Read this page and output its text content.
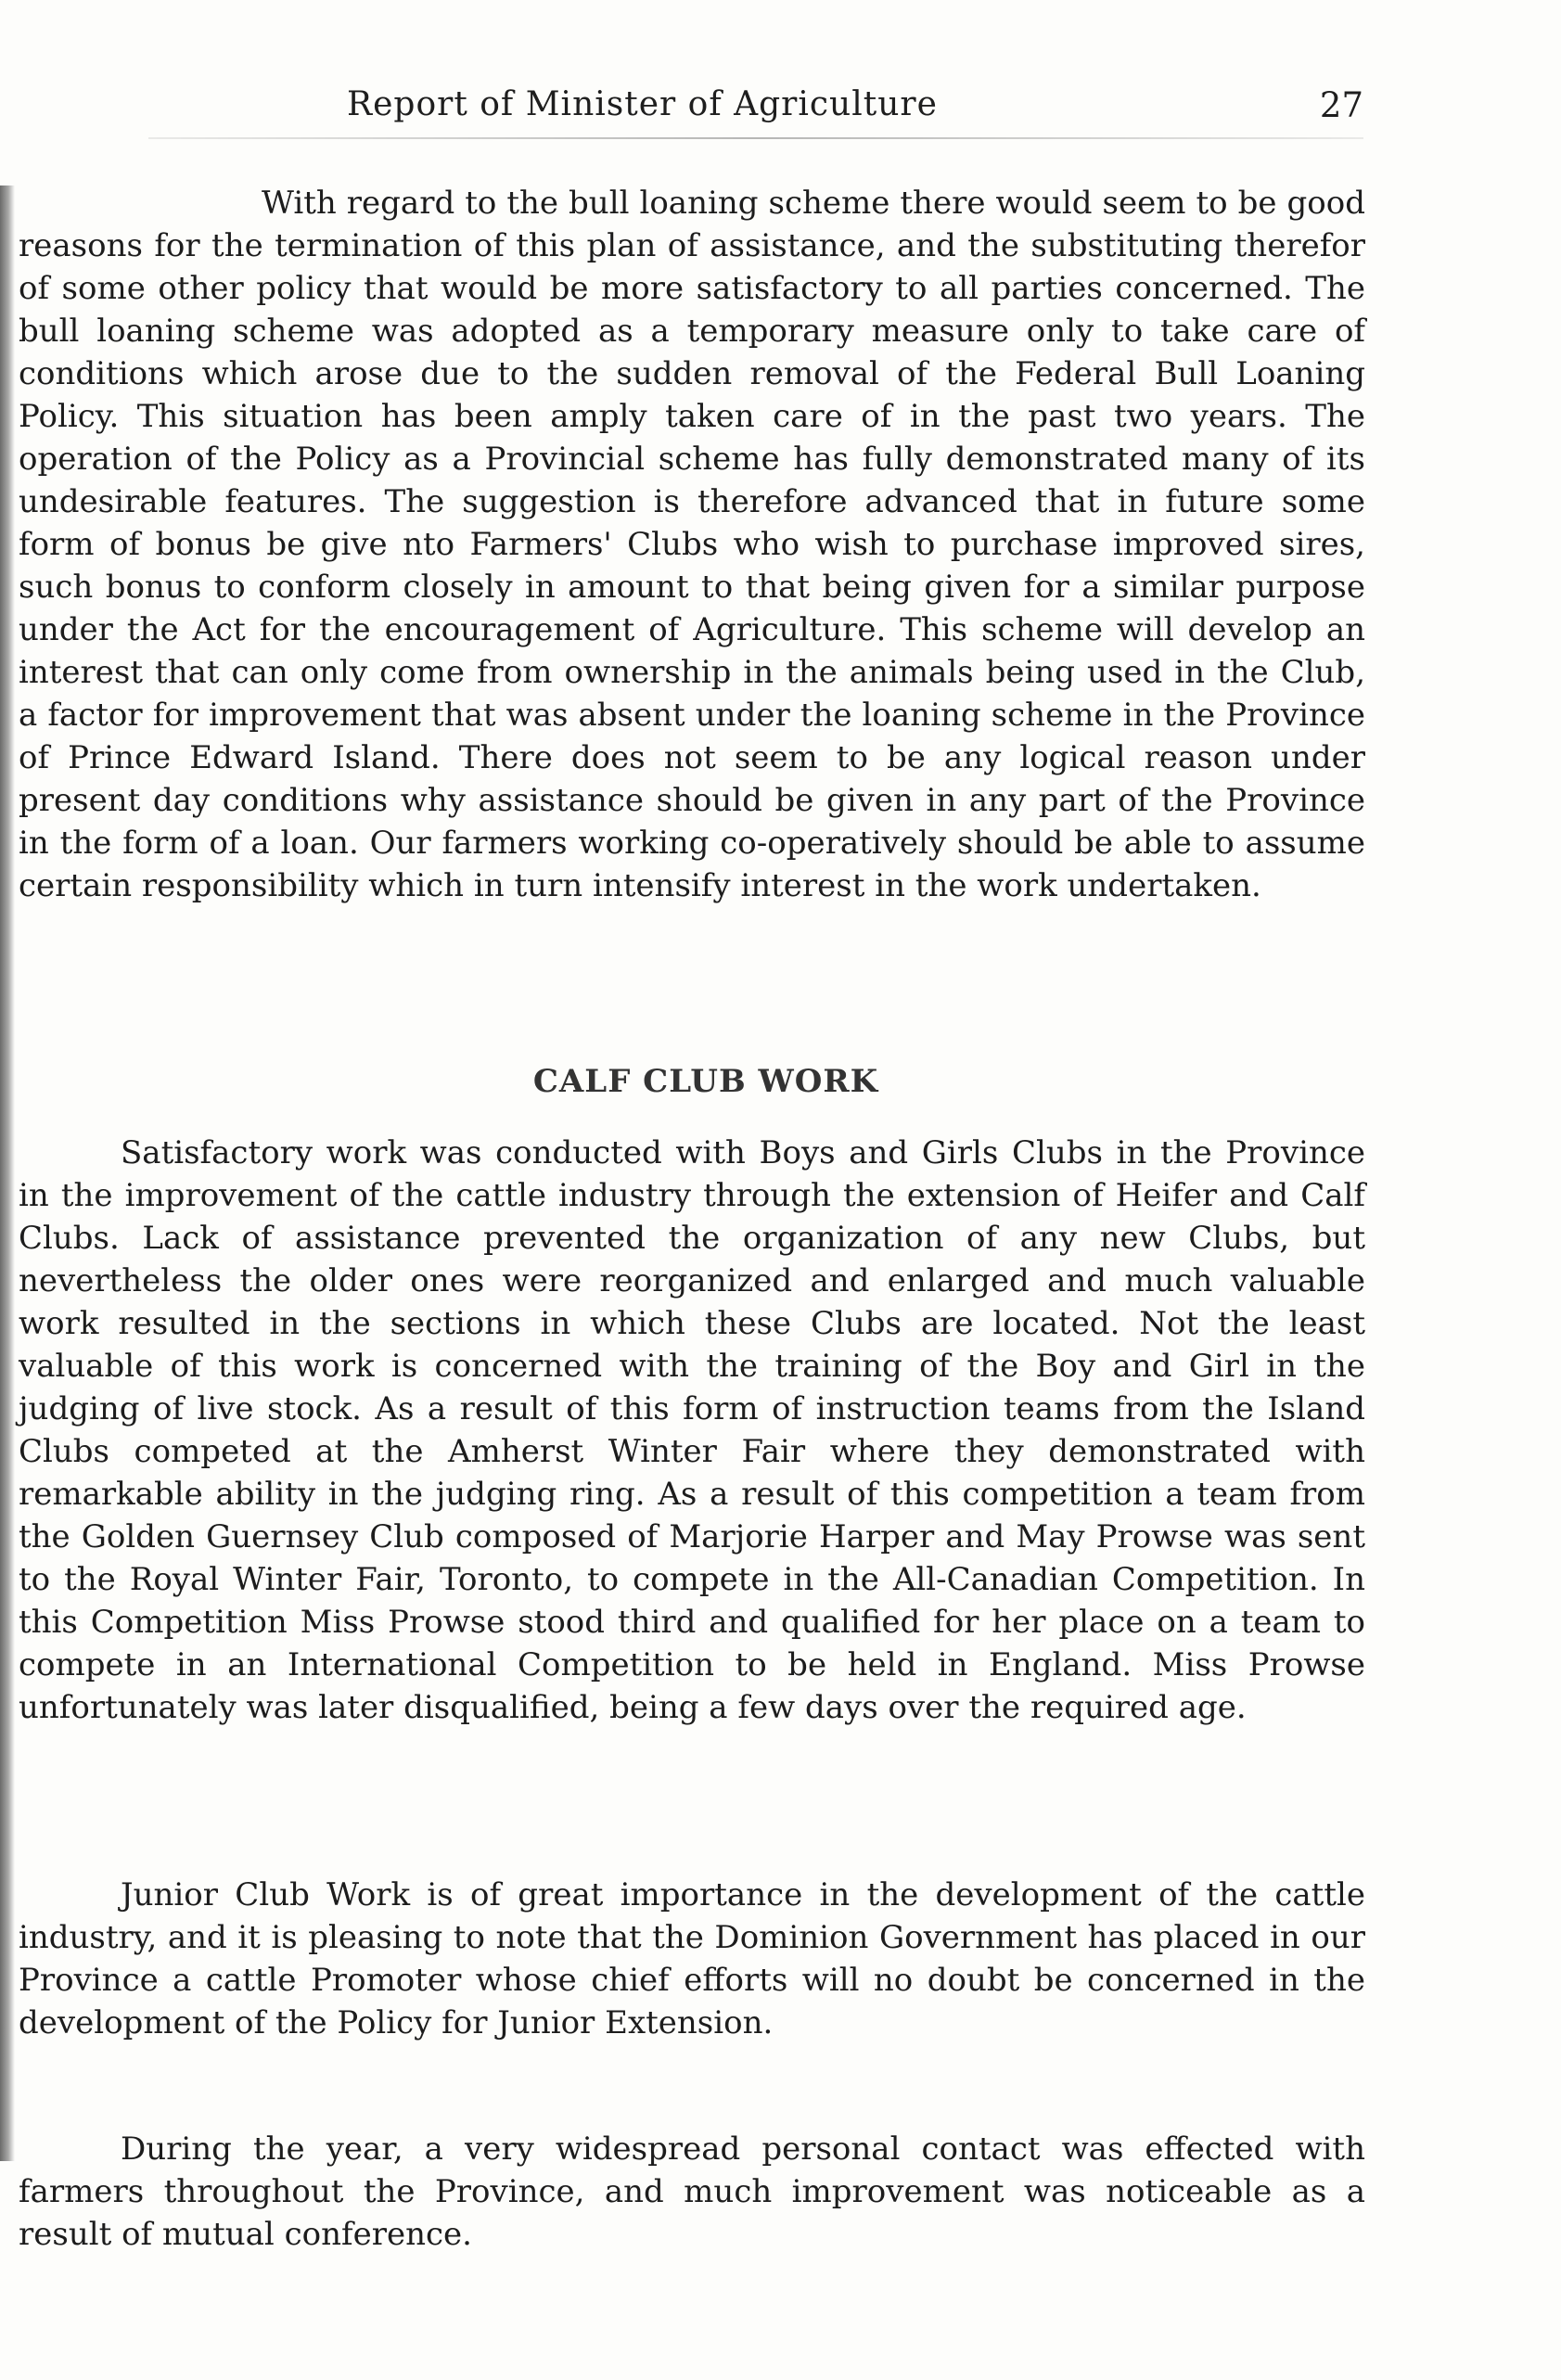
Report of Minister of Agriculture	27

With regard to the bull loaning scheme there would seem to be good reasons for the termination of this plan of assistance, and the substituting therefor of some other policy that would be more satisfactory to all parties concerned. The bull loaning scheme was adopted as a temporary measure only to take care of conditions which arose due to the sudden removal of the Federal Bull Loaning Policy. This situation has been amply taken care of in the past two years. The operation of the Policy as a Provincial scheme has fully demonstrated many of its undesirable features. The suggestion is therefore advanced that in future some form of bonus be give nto Farmers' Clubs who wish to purchase improved sires, such bonus to conform closely in amount to that being given for a similar purpose under the Act for the encouragement of Agriculture. This scheme will develop an interest that can only come from ownership in the animals being used in the Club, a factor for improvement that was absent under the loaning scheme in the Province of Prince Edward Island. There does not seem to be any logical reason under present day conditions why assistance should be given in any part of the Province in the form of a loan. Our farmers working co-operatively should be able to assume certain responsibility which in turn intensify interest in the work undertaken.

CALF CLUB WORK

Satisfactory work was conducted with Boys and Girls Clubs in the Province in the improvement of the cattle industry through the extension of Heifer and Calf Clubs. Lack of assistance prevented the organization of any new Clubs, but nevertheless the older ones were reorganized and enlarged and much valuable work resulted in the sections in which these Clubs are located. Not the least valuable of this work is concerned with the training of the Boy and Girl in the judging of live stock. As a result of this form of instruction teams from the Island Clubs competed at the Amherst Winter Fair where they demonstrated with remarkable ability in the judging ring. As a result of this competition a team from the Golden Guernsey Club composed of Marjorie Harper and May Prowse was sent to the Royal Winter Fair, Toronto, to compete in the All-Canadian Competition. In this Competition Miss Prowse stood third and qualified for her place on a team to compete in an International Competition to be held in England. Miss Prowse unfortunately was later disqualified, being a few days over the required age.

Junior Club Work is of great importance in the development of the cattle industry, and it is pleasing to note that the Dominion Government has placed in our Province a cattle Promoter whose chief efforts will no doubt be concerned in the development of the Policy for Junior Extension.

During the year, a very widespread personal contact was effected with farmers throughout the Province, and much improvement was noticeable as a result of mutual conference.
